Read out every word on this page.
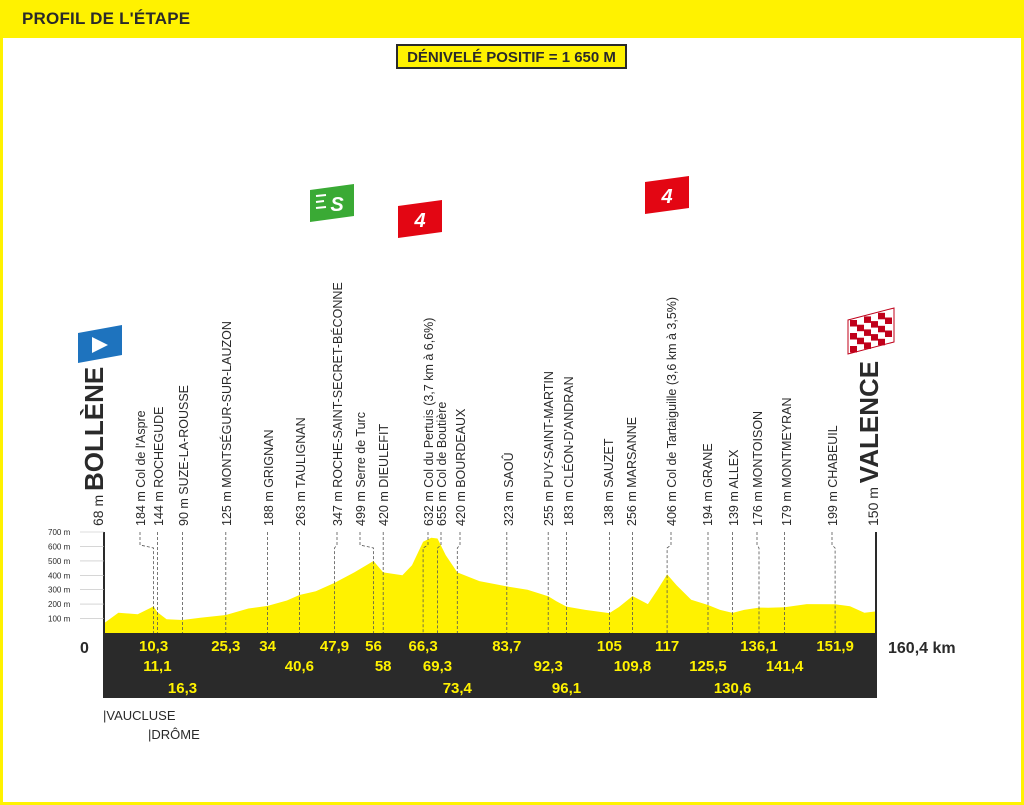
PROFIL DE L'ÉTAPE
DÉNIVELÉ POSITIF = 1 650 M
0	160,4 km
100 m
200 m
300 m
400 m
500 m
600 m
700 m
68 m BOLLÈNE 184 m Col de l'Aspre 144 m ROCHEGUDE 90 m SUZE-LA-ROUSSE 125 m MONTSÉGUR-SUR-LAUZON 188 m GRIGNAN 263 m TAULIGNAN 347 m ROCHE-SAINT-SECRET-BÉCONNE 499 m Serre de Turc 420 m DIEULEFIT 632 m Col du Pertuis (3,7 km à 6,6%) 655 m Col de Boutière 420 m BOURDEAUX	323 m SAOÛ 255 m PUY-SAINT-MARTIN 183 m CLÉON-D'ANDRAN 138 m SAUZET 256 m MARSANNE 406 m Col de Tartaiguille (3,6 km à 3,5%) 194 m GRANE 139 m ALLEX 176 m MONTOISON 179 m MONTMEYRAN	199 m CHABEUIL	150 m VALENCE
10,3
11,1
16,3
25,3 34
40,6
47,9 56
58
66,3
69,3
73,4
83,7
92,3
96,1
105
109,8
117
125,5
130,6
136,1
141,4
151,9
S
4
4
|VAUCLUSE
|DRÔME
